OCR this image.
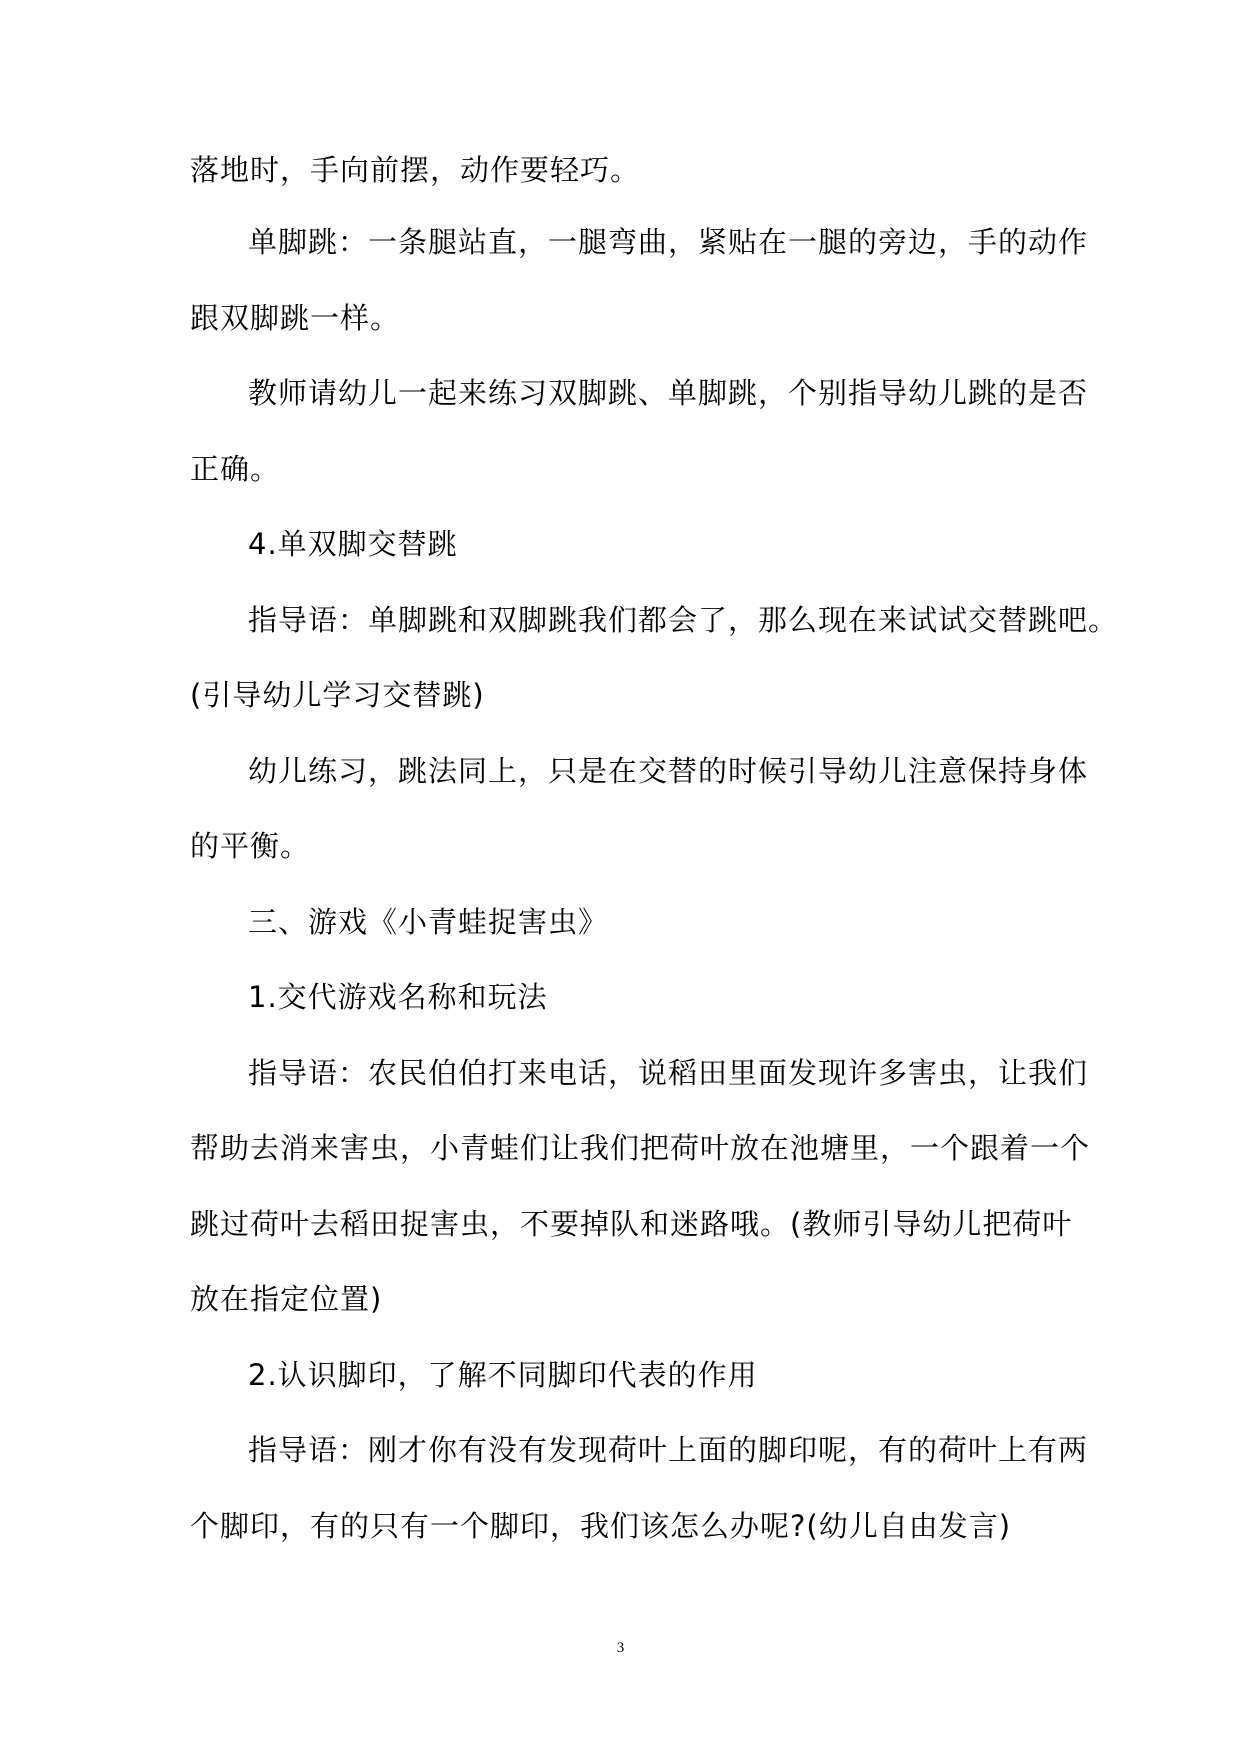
落地时，手向前摆，动作要轻巧。
单脚跳：一条腿站直，一腿弯曲，紧贴在一腿的旁边，手的动作
跟双脚跳一样。
教师请幼儿一起来练习双脚跳、单脚跳，个别指导幼儿跳的是否
正确。
4.单双脚交替跳
指导语：单脚跳和双脚跳我们都会了，那么现在来试试交替跳吧。
(引导幼儿学习交替跳)
幼儿练习，跳法同上，只是在交替的时候引导幼儿注意保持身体
的平衡。
三、游戏《小青蛙捉害虫》
1.交代游戏名称和玩法
指导语：农民伯伯打来电话，说稻田里面发现许多害虫，让我们
帮助去消来害虫，小青蛙们让我们把荷叶放在池塘里，一个跟着一个
跳过荷叶去稻田捉害虫，不要掉队和迷路哦。(教师引导幼儿把荷叶
放在指定位置)
2.认识脚印，了解不同脚印代表的作用
指导语：刚才你有没有发现荷叶上面的脚印呢，有的荷叶上有两
个脚印，有的只有一个脚印，我们该怎么办呢?(幼儿自由发言)
3
